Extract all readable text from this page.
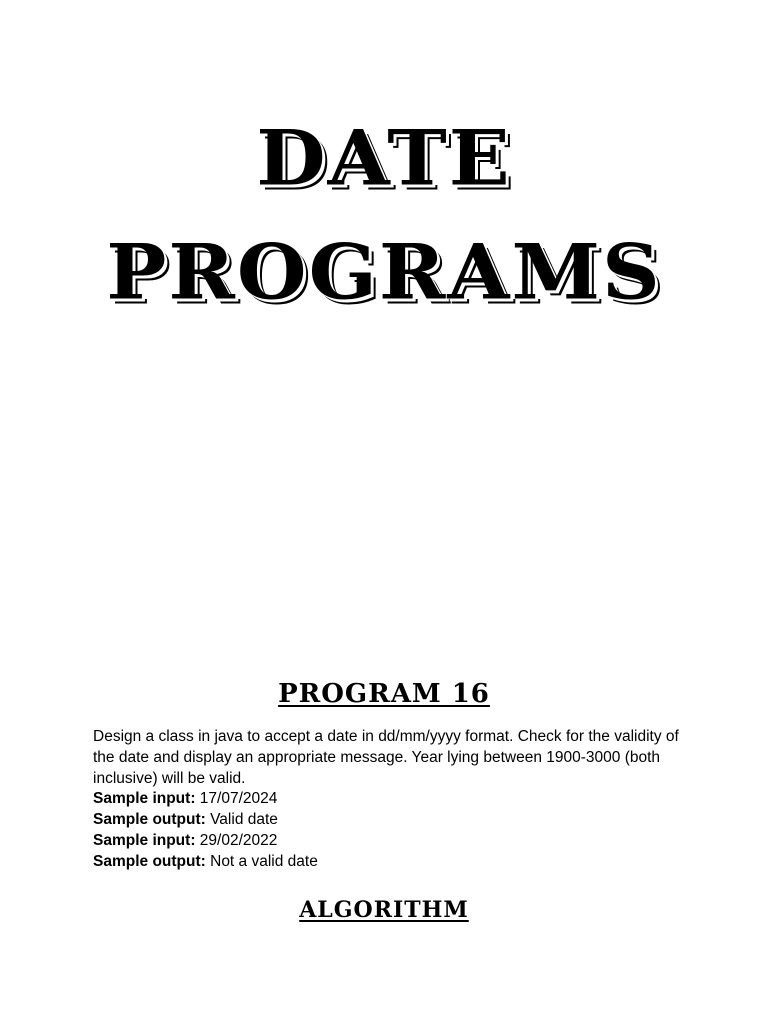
DATE
PROGRAMS
PROGRAM 16

Design a class in java to accept a date in dd/mm/yyyy format. Check for the validity of the date and display an appropriate message. Year lying between 1900-3000 (both inclusive) will be valid.

Sample input: 17/07/2024

Sample output: Valid date

Sample input: 29/02/2022

Sample output: Not a valid date

ALGORITHM
